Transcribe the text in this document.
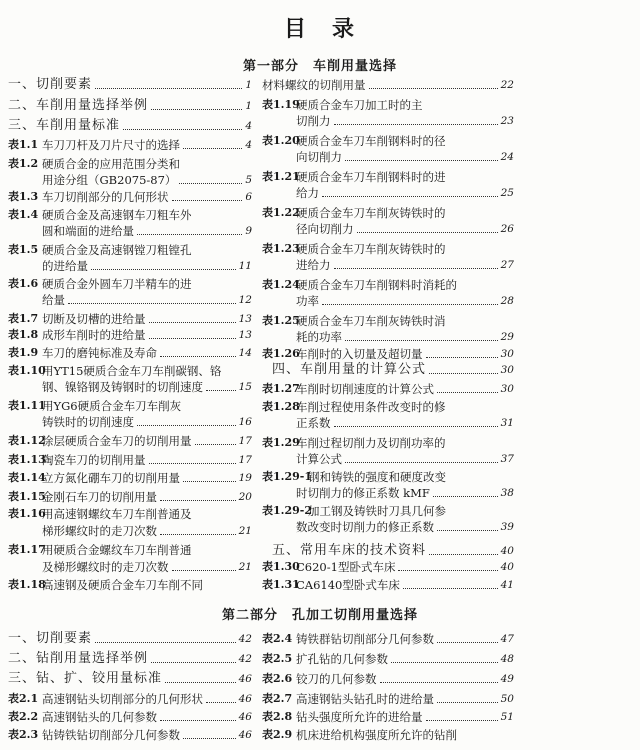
目　录
第一部分　车削用量选择
一、切削要素	1
二、车削用量选择举例	1
三、车削用量标准	4
表1.1 车刀刀杆及刀片尺寸的选择	4
表1.2 硬质合金的应用范围分类和
用途分组（GB2075-87）	5
表1.3 车刀切削部分的几何形状	6
表1.4 硬质合金及高速钢车刀粗车外
圆和端面的进给量	9
表1.5 硬质合金及高速钢镗刀粗镗孔
的进给量	11
表1.6 硬质合金外圆车刀半精车的进
给量	12
表1.7 切断及切槽的进给量	13
表1.8 成形车削时的进给量	13
表1.9 车刀的磨钝标准及寿命	14
表1.10
用YT15硬质合金车刀车削碳钢、铬
钢、镍铬钢及铸钢时的切削速度	15
表1.11
用YG6硬质合金车刀车削灰
铸铁时的切削速度	16
表1.12
涂层硬质合金车刀的切削用量	17
表1.13
陶瓷车刀的切削用量	17
表1.14
立方氮化硼车刀的切削用量	19
表1.15
金刚石车刀的切削用量	20
表1.16
用高速钢螺纹车刀车削普通及
梯形螺纹时的走刀次数	21
表1.17
用硬质合金螺纹车刀车削普通
及梯形螺纹时的走刀次数	21
表1.18
高速钢及硬质合金车刀车削不同
材料螺纹的切削用量	22
表1.19
硬质合金车刀加工时的主
切削力	23
表1.20
硬质合金车刀车削钢料时的径
向切削力	24
表1.21
硬质合金车刀车削钢料时的进
给力	25
表1.22
硬质合金车刀车削灰铸铁时的
径向切削力	26
表1.23
硬质合金车刀车削灰铸铁时的
进给力	27
表1.24
硬质合金车刀车削钢料时消耗的
功率	28
表1.25
硬质合金车刀车削灰铸铁时消
耗的功率	29
表1.26
车削时的入切量及超切量	30
四、车削用量的计算公式	30
表1.27
车削时切削速度的计算公式	30
表1.28
车削过程使用条件改变时的修
正系数	31
表1.29
车削过程切削力及切削功率的
计算公式	37
表1.29-1
钢和铸铁的强度和硬度改变
时切削力的修正系数 kMF	38
表1.29-2
加工钢及铸铁时刀具几何参
数改变时切削力的修正系数	39
五、常用车床的技术资料	40
表1.30
C620-1型卧式车床	40
表1.31
CA6140型卧式车床	41
第二部分　孔加工切削用量选择
一、切削要素	42
二、钻削用量选择举例	42
三、钻、扩、铰用量标准	46
表2.1 高速钢钻头切削部分的几何形状	46
表2.2 高速钢钻头的几何参数	46
表2.3 钻铸铁钻切削部分几何参数	46
表2.4 铸铁群钻切削部分几何参数	47
表2.5 扩孔钻的几何参数	48
表2.6 铰刀的几何参数	49
表2.7 高速钢钻头钻孔时的进给量	50
表2.8 钻头强度所允许的进给量	51
表2.9 机床进给机构强度所允许的钻削
